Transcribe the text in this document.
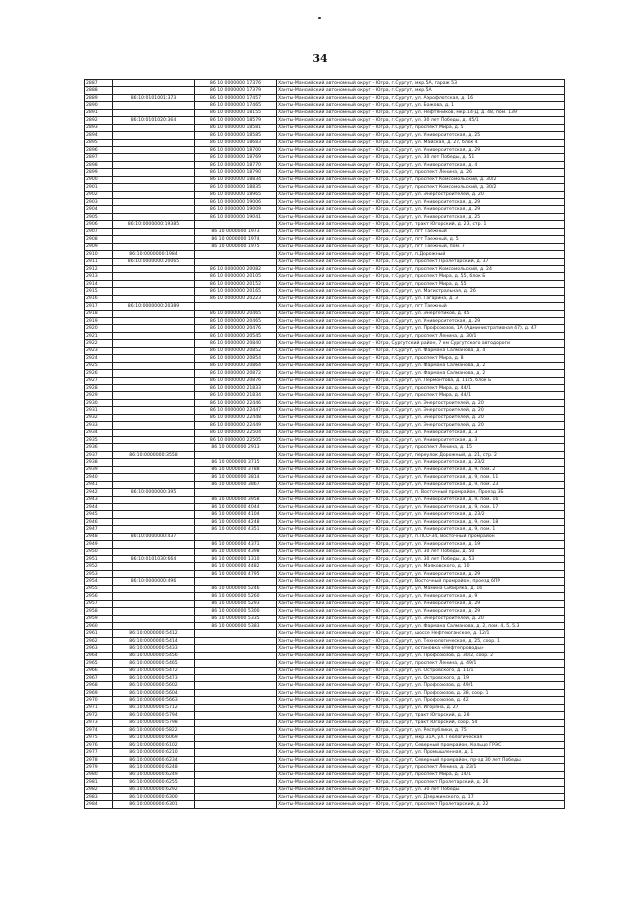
34
2887		86 10 0000000 17376	Ханты-Мансийский автономный округ - Югра, г.Сургут, мкр.5А, гараж 53
2888		86 10 0000000 17379	Ханты-Мансийский автономный округ - Югра, г.Сургут, мкр.5А
2889	86:10:0101001:373	86 10 0000000 17457	Ханты-Мансийский автономный округ - Югра, г.Сургут, ул. Аэрофлотская, д. 16
2890		86 10 0000000 17465	Ханты-Мансийский автономный округ - Югра, г.Сургут, ул. Бажова, д. 1
2891		86 10 0000000 18155	Ханты-Мансийский автономный округ - Югра, г.Сургут, ул. Нефтяников, мкр.14-Д, д. 48, пом. 139
2892	86:10:0101020:364	86 10 0000000 18579	Ханты-Мансийский автономный округ - Югра, г.Сургут, ул. 30 лет Победы, д. 45/1
2893		86 10 0000000 18581	Ханты-Мансийский автономный округ - Югра, г.Сургут, проспект Мира, д. 5
2894		86 10 0000000 18585	Ханты-Мансийский автономный округ - Югра, г.Сургут, ул. Университетская, д. 25
2895		86 10 0000000 18683	Ханты-Мансийский автономный округ - Югра, г.Сургут, ул. Майская, д. 27, блок 4
2896		86 10 0000000 18700	Ханты-Мансийский автономный округ - Югра, г.Сургут, ул. Университетская, д. 29
2897		86 10 0000000 18769	Ханты-Мансийский автономный округ - Югра, г.Сургут, ул. 30 лет Победы, д. 51
2898		86 10 0000000 18770	Ханты-Мансийский автономный округ - Югра, г.Сургут, ул. Университетская, д. 4
2899		86 10 0000000 18790	Ханты-Мансийский автономный округ - Югра, г.Сургут, проспект Ленина, д. 26
2900		86 10 0000000 18834	Ханты-Мансийский автономный округ - Югра, г.Сургут, проспект Комсомольский, д. 30/2
2901		86 10 0000000 18835	Ханты-Мансийский автономный округ - Югра, г.Сургут, проспект Комсомольский, д. 30/2
2902		86 10 0000000 18965	Ханты-Мансийский автономный округ - Югра, г.Сургут, ул. Энергостроителей, д. 20
2903		86 10 0000000 19006	Ханты-Мансийский автономный округ - Югра, г.Сургут, ул. Университетская, д. 29
2904		86 10 0000000 19009	Ханты-Мансийский автономный округ - Югра, г.Сургут, ул. Университетская, д. 29
2905		86 10 0000000 19041	Ханты-Мансийский автономный округ - Югра, г.Сургут, ул. Университетская, д. 25
2906	86:10:0000000:19385		Ханты-Мансийский автономный округ - Югра, г.Сургут, тракт Югорский, д. 23, стр. 1
2907		86 10 0000000 1973	Ханты-Мансийский автономный округ - Югра, г.Сургут, пгт Таежный
2908		86 10 0000000 1974	Ханты-Мансийский автономный округ - Югра, г.Сургут, пгт Таежный, д. 5
2909		86 10 0000000 1975	Ханты-Мансийский автономный округ - Югра, г.Сургут, пгт Таежный, пом. 7
2910	86:10:0000000:1984		Ханты-Мансийский автономный округ - Югра, г.Сургут, п.Дорожный
2911	86:10:0000000:20065		Ханты-Мансийский автономный округ - Югра, г.Сургут, проспект Пролетарский, д. 37
2912		86 10 0000000 20082	Ханты-Мансийский автономный округ - Югра, г.Сургут, проспект Комсомольский, д. 24
2913		86 10 0000000 20105	Ханты-Мансийский автономный округ - Югра, г.Сургут, проспект Мира, д. 55, блок Б
2914		86 10 0000000 20152	Ханты-Мансийский автономный округ - Югра, г.Сургут, проспект Мира, д. 55
2915		86 10 0000000 20165	Ханты-Мансийский автономный округ - Югра, г.Сургут, ул. Магистральная, д. 26
2916		86 10 0000000 20223	Ханты-Мансийский автономный округ - Югра, г.Сургут, ул. Гагарина, д. 3
2917	86:10:0000000:20389		Ханты-Мансийский автономный округ - Югра, г.Сургут, пгт Таежный
2918		86 10 0000000 20465	Ханты-Мансийский автономный округ - Югра, г.Сургут, ул. Энергетиков, д. 45
2919		86 10 0000000 20465	Ханты-Мансийский автономный округ - Югра, г.Сургут, ул. Университетская, д. 29
2920		86 10 0000000 20476	Ханты-Мансийский автономный округ - Югра, г.Сургут, ул. Профсоюзов, 1А (Административная 47), д. 47
2921		86 10 0000000 20545	Ханты-Мансийский автономный округ - Югра, г.Сургут, проспект Ленина, д. 30/1
2922		86 10 0000000 20840	Ханты-Мансийский автономный округ - Югра, Сургутский район, 7 км Сургутского автодороги
2923		86 10 0000000 20852	Ханты-Мансийский автономный округ - Югра, г.Сургут, ул. Фармана Салманова, д. 4
2924		86 10 0000000 20854	Ханты-Мансийский автономный округ - Югра, г.Сургут, проспект Мира, д. 8
2925		86 10 0000000 20864	Ханты-Мансийский автономный округ - Югра, г.Сургут, ул. Фармана Салманова, д. 2
2926		86 10 0000000 20872	Ханты-Мансийский автономный округ - Югра, г.Сургут, ул. Фармана Салманова, д. 2
2927		86 10 0000000 20876	Ханты-Мансийский автономный округ - Югра, г.Сургут, ул. Лермонтова, д. 11/5, блок Б
2928		86 10 0000000 21833	Ханты-Мансийский автономный округ - Югра, г.Сургут, проспект Мира, д. 44/1
2929		86 10 0000000 21834	Ханты-Мансийский автономный округ - Югра, г.Сургут, проспект Мира, д. 44/1
2930		86 10 0000000 22446	Ханты-Мансийский автономный округ - Югра, г.Сургут, ул. Энергостроителей, д. 20
2931		86 10 0000000 22447	Ханты-Мансийский автономный округ - Югра, г.Сургут, ул. Энергостроителей, д. 20
2932		86 10 0000000 22448	Ханты-Мансийский автономный округ - Югра, г.Сургут, ул. Энергостроителей, д. 20
2933		86 10 0000000 22449	Ханты-Мансийский автономный округ - Югра, г.Сургут, ул. Энергостроителей, д. 20
2934		86 10 0000000 22504	Ханты-Мансийский автономный округ - Югра, г.Сургут, ул. Университетская, д. 3
2935		86 10 0000000 22505	Ханты-Мансийский автономный округ - Югра, г.Сургут, ул. Университетская, д. 3
2936		86 10 0000000 2913	Ханты-Мансийский автономный округ - Югра, г.Сургут, проспект Ленина, д. 15
2937	86:10:0000000:3558		Ханты-Мансийский автономный округ - Югра, г.Сургут, переулок Дорожный, д. 21, стр. 2
2938		86 10 0000000 3715	Ханты-Мансийский автономный округ - Югра, г.Сургут, ул. Университетская, д. 23/2
2939		86 10 0000000 3788	Ханты-Мансийский автономный округ - Югра, г.Сургут, ул. Университетская, д. 9, пом. 2
2940		86 10 0000000 3814	Ханты-Мансийский автономный округ - Югра, г.Сургут, ул. Университетская, д. 9, пом. 11
2941		86 10 0000000 3867	Ханты-Мансийский автономный округ - Югра, г.Сургут, ул. Университетская, д. 9, пом. 23
2942	86:10:0000000:395		Ханты-Мансийский автономный округ - Югра, г.Сургут, п. Восточный промрайон, Проезд 3Б
2943		86 10 0000000 3958	Ханты-Мансийский автономный округ - Югра, г.Сургут, ул. Университетская, д. 9, пом. 16
2944		86 10 0000000 4044	Ханты-Мансийский автономный округ - Югра, г.Сургут, ул. Университетская, д. 9, пом. 17
2945		86 10 0000000 4104	Ханты-Мансийский автономный округ - Югра, г.Сургут, ул. Университетская, д. 23/2
2946		86 10 0000000 4248	Ханты-Мансийский автономный округ - Югра, г.Сургут, ул. Университетская, д. 9, пом. 18
2947		86 10 0000000 4351	Ханты-Мансийский автономный округ - Югра, г.Сургут, ул. Университетская, д. 9, пом. 1
2948	86:10:0000000:437		Ханты-Мансийский автономный округ - Югра, г.Сургут, п.ПСО-34, Восточный промрайон
2949		86 10 0000000 4371	Ханты-Мансийский автономный округ - Югра, г.Сургут, ул. Университетская, д. 19
2950		86 10 0000000 4398	Ханты-Мансийский автономный округ - Югра, г.Сургут, ул. 30 лет Победы, д. 50
2951	86:10:0101030:664	86 10 0000000 1310	Ханты-Мансийский автономный округ - Югра, г.Сургут, ул. 30 лет Победы, д. 53
2952		86 10 0000000 4482	Ханты-Мансийский автономный округ - Югра, г.Сургут, ул. Маяковского, д. 10
2953		86 10 0000000 4795	Ханты-Мансийский автономный округ - Югра, г.Сургут, ул. Университетская, д. 29
2954	86:10:0000000:496		Ханты-Мансийский автономный округ - Югра, г.Сургут, Восточный промрайон, проезд 6ПР
2955		86 10 0000000 5246	Ханты-Мансийский автономный округ - Югра, г.Сургут, ул. Мамина Сибиряка, д. 16
2956		86 10 0000000 5260	Ханты-Мансийский автономный округ - Югра, г.Сургут, ул. Университетская, д. 9
2957		86 10 0000000 5293	Ханты-Мансийский автономный округ - Югра, г.Сургут, ул. Университетская, д. 29
2958		86 10 0000000 5300	Ханты-Мансийский автономный округ - Югра, г.Сургут, ул. Университетская, д. 29
2959		86 10 0000000 5335	Ханты-Мансийский автономный округ - Югра, г.Сургут, ул. Энергостроителей, д. 20
2960		86 10 0000000 5383	Ханты-Мансийский автономный округ - Югра, г.Сургут, ул. Фармана Салманова, д. 2, пом. 4, 5, 5.3
2961	86:10:0000000:5412		Ханты-Мансийский автономный округ - Югра, г.Сургут, шоссе Нефтеюганское, д. 12/1
2962	86:10:0000000:5414		Ханты-Мансийский автономный округ - Югра, г.Сургут, ул. Технологическая, д. 25, соор. 1
2963	86:10:0000000:5433		Ханты-Мансийский автономный округ - Югра, г.Сургут, остановка «Нефтепроводы»
2964	86:10:0000000:5456		Ханты-Мансийский автономный округ - Югра, г.Сургут, ул. Профсоюзов, д. 30/2, соор. 2
2965	86:10:0000000:5465		Ханты-Мансийский автономный округ - Югра, г.Сургут, проспект Ленина, д. 49/1
2966	86:10:0000000:5472		Ханты-Мансийский автономный округ - Югра, г.Сургут, ул. Островского, д. 11/1
2967	86:10:0000000:5473		Ханты-Мансийский автономный округ - Югра, г.Сургут, ул. Островского, д. 19
2968	86:10:0000000:5602		Ханты-Мансийский автономный округ - Югра, г.Сургут, ул. Профсоюзов, д. 49/1
2969	86:10:0000000:5604		Ханты-Мансийский автономный округ - Югра, г.Сургут, ул. Профсоюзов, д. 38, соор. 1
2970	86:10:0000000:5663		Ханты-Мансийский автономный округ - Югра, г.Сургут, ул. Профсоюзов, д. 42
2971	86:10:0000000:5712		Ханты-Мансийский автономный округ - Югра, г.Сургут, ул. Игоряна, д. 27
2972	86:10:0000000:5794		Ханты-Мансийский автономный округ - Югра, г.Сургут, тракт Югорский, д. 28
2973	86:10:0000000:5798		Ханты-Мансийский автономный округ - Югра, г.Сургут, тракт Югорский, соор. 54
2974	86:10:0000000:5822		Ханты-Мансийский автономный округ - Югра, г.Сургут, ул. Республики, д. 75
2975	86:10:0000000:6069		Ханты-Мансийский автономный округ - Югра, г.Сургут, мкр 31А, ул. Геологическая
2976	86:10:0000000:6102		Ханты-Мансийский автономный округ - Югра, г.Сургут, Северный промрайон, Кольцо ГРЭС
2977	86:10:0000000:6210		Ханты-Мансийский автономный округ - Югра, г.Сургут, ул. Промышленная, д. 1
2978	86:10:0000000:6234		Ханты-Мансийский автономный округ - Югра, г.Сургут, Северный промрайон, пр-зд 30 лет Победы
2979	86:10:0000000:6248		Ханты-Мансийский автономный округ - Югра, г.Сургут, проспект Ленина, д. 23/1
2980	86:10:0000000:6249		Ханты-Мансийский автономный округ - Югра, г.Сургут, проспект Мира, д. 14/1
2981	86:10:0000000:6255		Ханты-Мансийский автономный округ - Югра, г.Сургут, проспект Пролетарский, д. 26
2982	86:10:0000000:6292		Ханты-Мансийский автономный округ - Югра, г.Сургут, ул. 30 лет Победы
2983	86:10:0000000:6300		Ханты-Мансийский автономный округ - Югра, г.Сургут, ул. Дзержинского, д. 17
2984	86:10:0000000:6301		Ханты-Мансийский автономный округ - Югра, г.Сургут, проспект Пролетарский, д. 22
